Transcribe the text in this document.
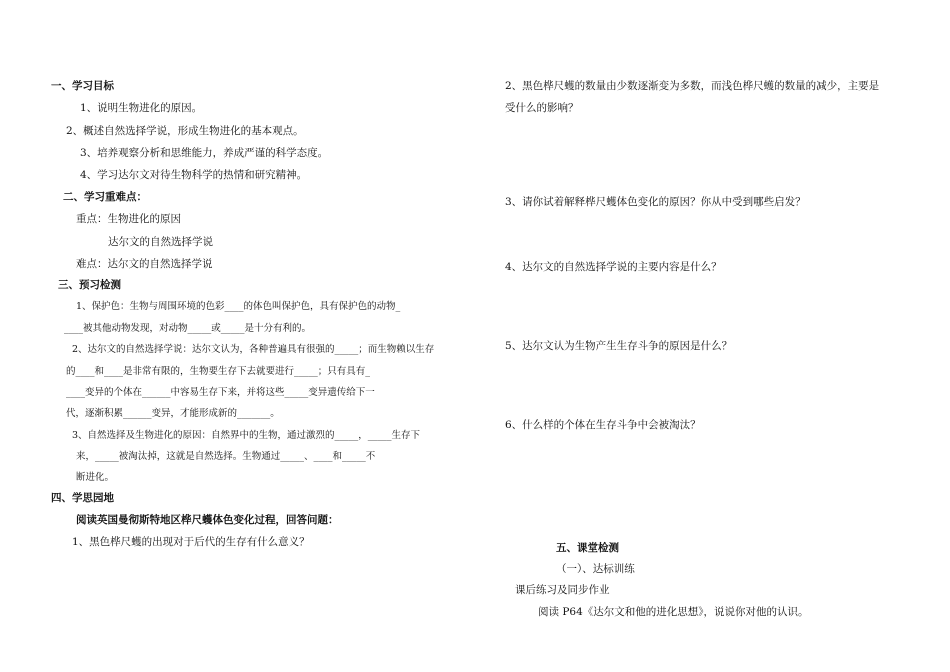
一、学习目标
1、说明生物进化的原因。
2、概述自然选择学说，形成生物进化的基本观点。
3、培养观察分析和思维能力，养成严谨的科学态度。
4、学习达尔文对待生物科学的热情和研究精神。
二、学习重难点：
重点：生物进化的原因
达尔文的自然选择学说
难点：达尔文的自然选择学说
三、预习检测
1、保护色：生物与周围环境的色彩____的体色叫保护色，具有保护色的动物_
____被其他动物发现，对动物_____或_____是十分有利的。
2、达尔文的自然选择学说：达尔文认为，各种普遍具有很强的_____；而生物赖以生存
的____和____是非常有限的，生物要生存下去就要进行_____；只有具有_
____变异的个体在______中容易生存下来，并将这些_____变异遗传给下一
代，逐渐积累______变异，才能形成新的_______。
3、自然选择及生物进化的原因：自然界中的生物，通过激烈的_____，_____生存下
来，_____被淘汰掉，这就是自然选择。生物通过_____、____和_____不
断进化。
四、学思园地
阅读英国曼彻斯特地区桦尺蠖体色变化过程，回答问题：
1、黑色桦尺蠖的出现对于后代的生存有什么意义？
2、黑色桦尺蠖的数量由少数逐渐变为多数，而浅色桦尺蠖的数量的减少，主要是
受什么的影响？
3、请你试着解释桦尺蠖体色变化的原因？你从中受到哪些启发？
4、达尔文的自然选择学说的主要内容是什么？
5、达尔文认为生物产生生存斗争的原因是什么？
6、什么样的个体在生存斗争中会被淘汰？
五、课堂检测
（一）、达标训练
课后练习及同步作业
阅读 P64《达尔文和他的进化思想》，说说你对他的认识。
